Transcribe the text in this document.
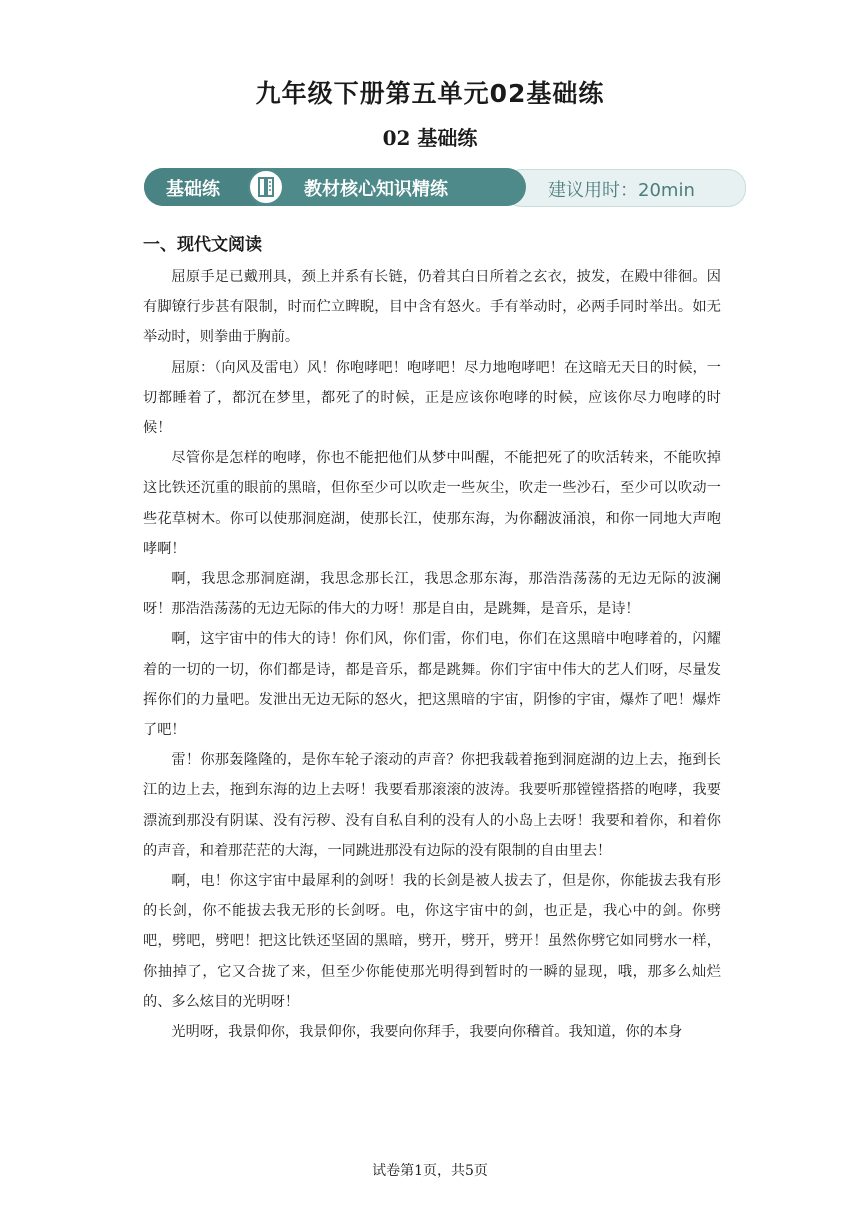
九年级下册第五单元02基础练
02 基础练
基础练	教材核心知识精练	建议用时：20min
一、现代文阅读

屈原手足已戴刑具，颈上并系有长链，仍着其白日所着之玄衣，披发，在殿中徘徊。因有脚镣行步甚有限制，时而伫立睥睨，目中含有怒火。手有举动时，必两手同时举出。如无举动时，则拳曲于胸前。

屈原：（向风及雷电）风！你咆哮吧！咆哮吧！尽力地咆哮吧！在这暗无天日的时候，一切都睡着了，都沉在梦里，都死了的时候，正是应该你咆哮的时候，应该你尽力咆哮的时候！

尽管你是怎样的咆哮，你也不能把他们从梦中叫醒，不能把死了的吹活转来，不能吹掉这比铁还沉重的眼前的黑暗，但你至少可以吹走一些灰尘，吹走一些沙石，至少可以吹动一些花草树木。你可以使那洞庭湖，使那长江，使那东海，为你翻波涌浪，和你一同地大声咆哮啊！

啊，我思念那洞庭湖，我思念那长江，我思念那东海，那浩浩荡荡的无边无际的波澜呀！那浩浩荡荡的无边无际的伟大的力呀！那是自由，是跳舞，是音乐，是诗！

啊，这宇宙中的伟大的诗！你们风，你们雷，你们电，你们在这黑暗中咆哮着的，闪耀着的一切的一切，你们都是诗，都是音乐，都是跳舞。你们宇宙中伟大的艺人们呀，尽量发挥你们的力量吧。发泄出无边无际的怒火，把这黑暗的宇宙，阴惨的宇宙，爆炸了吧！爆炸了吧！

雷！你那轰隆隆的，是你车轮子滚动的声音？你把我载着拖到洞庭湖的边上去，拖到长江的边上去，拖到东海的边上去呀！我要看那滚滚的波涛。我要听那镗镗搭搭的咆哮，我要漂流到那没有阴谋、没有污秽、没有自私自利的没有人的小岛上去呀！我要和着你，和着你的声音，和着那茫茫的大海，一同跳进那没有边际的没有限制的自由里去！

啊，电！你这宇宙中最犀利的剑呀！我的长剑是被人拔去了，但是你，你能拔去我有形的长剑，你不能拔去我无形的长剑呀。电，你这宇宙中的剑，也正是，我心中的剑。你劈吧，劈吧，劈吧！把这比铁还坚固的黑暗，劈开，劈开，劈开！虽然你劈它如同劈水一样，你抽掉了，它又合拢了来，但至少你能使那光明得到暂时的一瞬的显现，哦，那多么灿烂的、多么炫目的光明呀！

光明呀，我景仰你，我景仰你，我要向你拜手，我要向你稽首。我知道，你的本身

试卷第1页，共5页
